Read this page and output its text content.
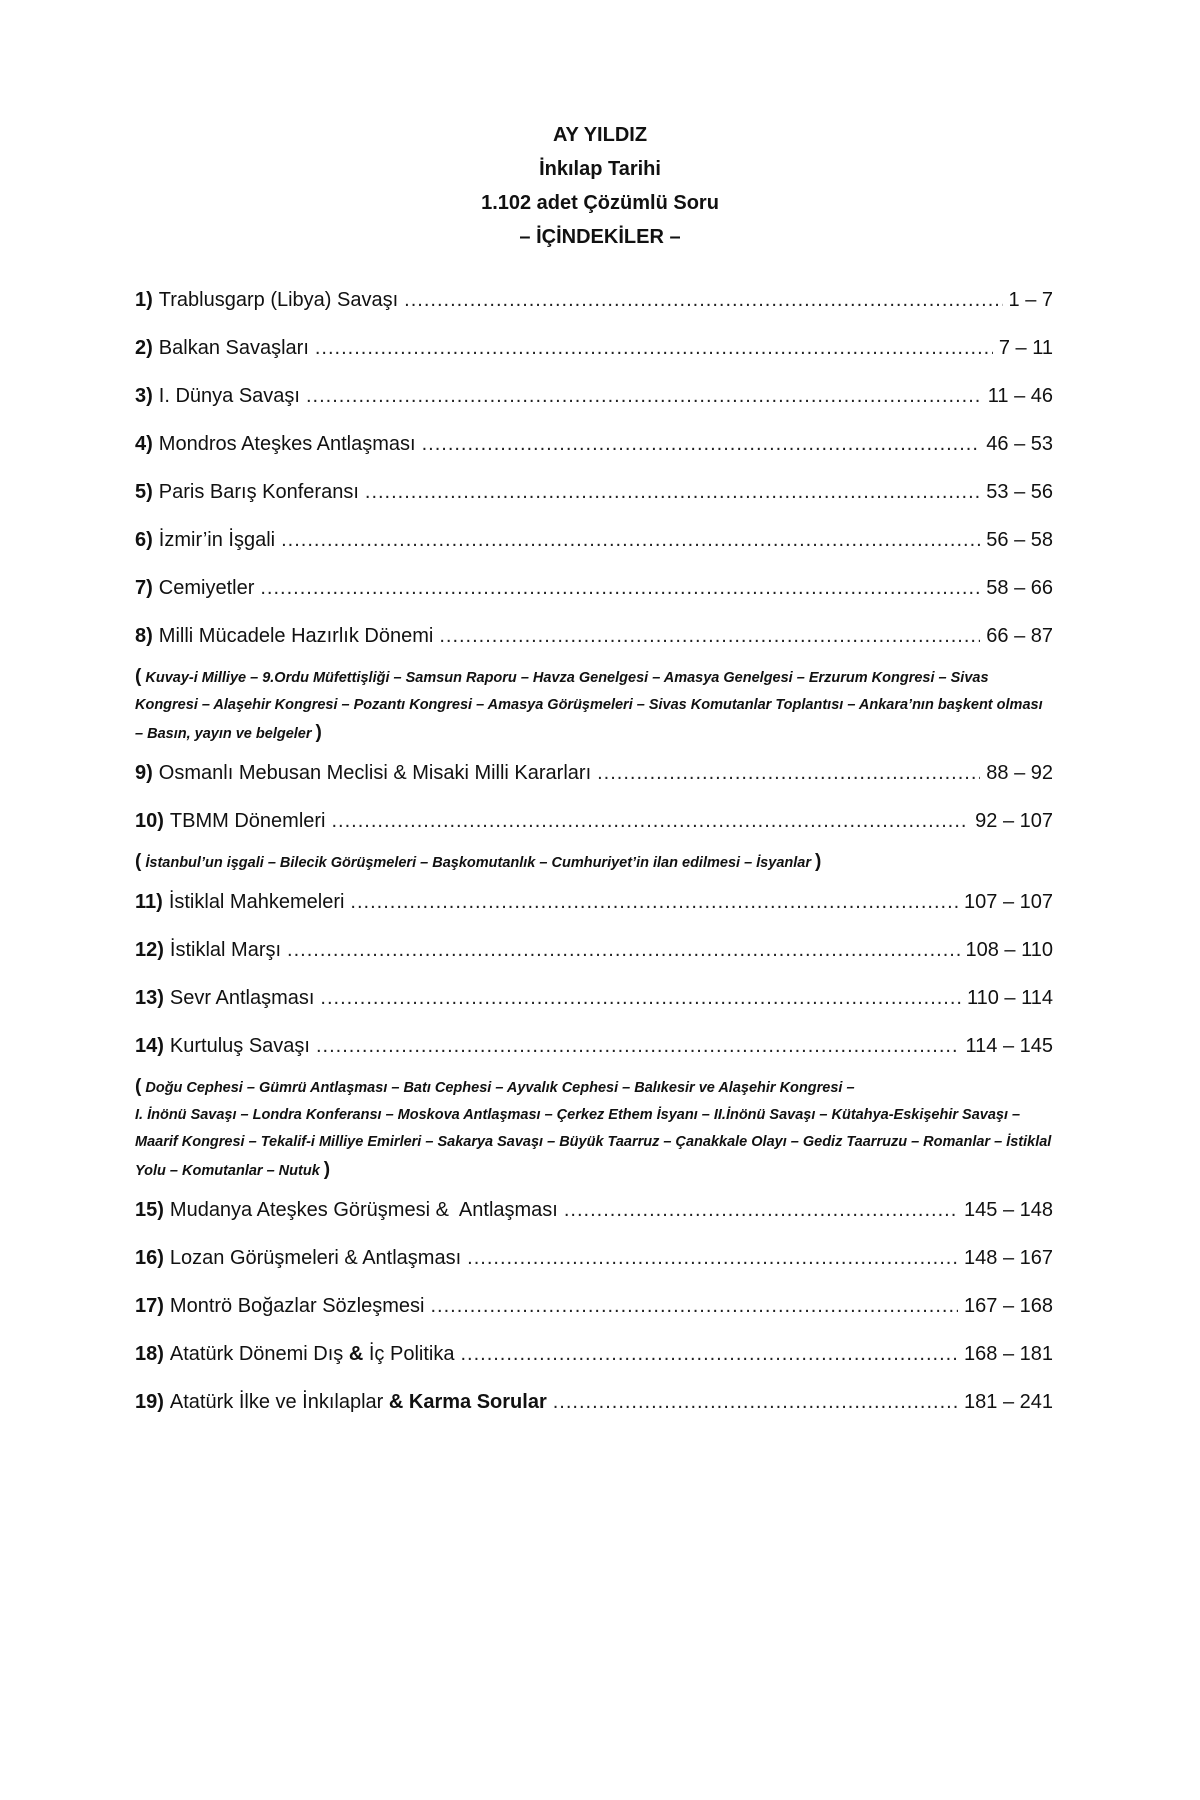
AY YILDIZ
İnkılap Tarihi
1.102 adet Çözümlü Soru
– İÇİNDEKİLER –
1) Trablusgarp (Libya) Savaşı .....	1 – 7
2) Balkan Savaşları .....	7 – 11
3) I. Dünya Savaşı .....	11 – 46
4) Mondros Ateşkes Antlaşması .....	46 – 53
5) Paris Barış Konferansı .....	53 – 56
6) İzmir’in İşgali .....	56 – 58
7) Cemiyetler .....	58 – 66
8) Milli Mücadele Hazırlık Dönemi .....	66 – 87
( Kuvay-i Milliye – 9.Ordu Müfettişliği – Samsun Raporu – Havza Genelgesi – Amasya Genelgesi – Erzurum Kongresi – Sivas Kongresi – Alaşehir Kongresi – Pozantı Kongresi – Amasya Görüşmeleri – Sivas Komutanlar Toplantısı – Ankara’nın başkent olması – Basın, yayın ve belgeler )
9) Osmanlı Mebusan Meclisi & Misaki Milli Kararları .....	88 – 92
10) TBMM Dönemleri .....	92 – 107
( İstanbul’un işgali – Bilecik Görüşmeleri – Başkomutanlık – Cumhuriyet’in ilan edilmesi – İsyanlar )
11) İstiklal Mahkemeleri .....	107 – 107
12) İstiklal Marşı .....	108 – 110
13) Sevr Antlaşması .....	110 – 114
14) Kurtuluş Savaşı .....	114 – 145
( Doğu Cephesi – Gümrü Antlaşması – Batı Cephesi – Ayvalık Cephesi – Balıkesir ve Alaşehir Kongresi –
I. İnönü Savaşı – Londra Konferansı – Moskova Antlaşması – Çerkez Ethem İsyanı – II.İnönü Savaşı – Kütahya-Eskişehir Savaşı – Maarif Kongresi – Tekalif-i Milliye Emirleri – Sakarya Savaşı – Büyük Taarruz – Çanakkale Olayı – Gediz Taarruzu – Romanlar – İstiklal Yolu – Komutanlar – Nutuk )
15) Mudanya Ateşkes Görüşmesi &  Antlaşması .....	145 – 148
16) Lozan Görüşmeleri & Antlaşması .....	148 – 167
17) Montrö Boğazlar Sözleşmesi .....	167 – 168
18) Atatürk Dönemi Dış & İç Politika .....	168 – 181
19) Atatürk İlke ve İnkılaplar & Karma Sorular .....	181 – 241
